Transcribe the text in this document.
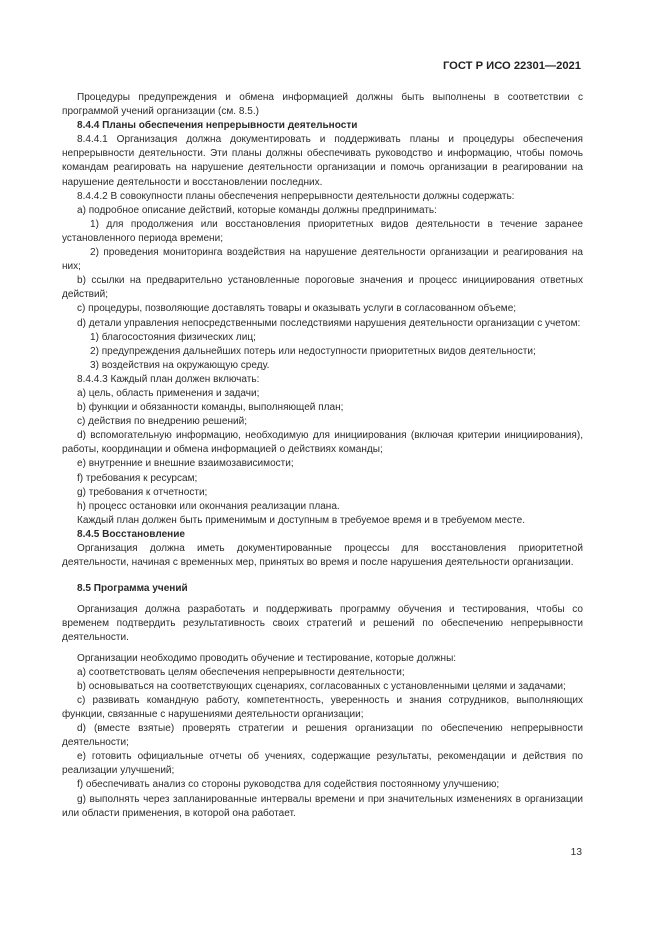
ГОСТ Р ИСО 22301—2021

Процедуры предупреждения и обмена информацией должны быть выполнены в соответствии с программой учений организации (см. 8.5.)

8.4.4 Планы обеспечения непрерывности деятельности

8.4.4.1 Организация должна документировать и поддерживать планы и процедуры обеспечения непрерывности деятельности. Эти планы должны обеспечивать руководство и информацию, чтобы помочь командам реагировать на нарушение деятельности организации и помочь организации в реагировании на нарушение деятельности и восстановлении последних.

8.4.4.2 В совокупности планы обеспечения непрерывности деятельности должны содержать:

a) подробное описание действий, которые команды должны предпринимать:

1) для продолжения или восстановления приоритетных видов деятельности в течение заранее установленного периода времени;

2) проведения мониторинга воздействия на нарушение деятельности организации и реагирования на них;

b) ссылки на предварительно установленные пороговые значения и процесс инициирования ответных действий;

c) процедуры, позволяющие доставлять товары и оказывать услуги в согласованном объеме;

d) детали управления непосредственными последствиями нарушения деятельности организации с учетом:

1) благосостояния физических лиц;

2) предупреждения дальнейших потерь или недоступности приоритетных видов деятельности;

3) воздействия на окружающую среду.

8.4.4.3 Каждый план должен включать:

a) цель, область применения и задачи;

b) функции и обязанности команды, выполняющей план;

c) действия по внедрению решений;

d) вспомогательную информацию, необходимую для инициирования (включая критерии инициирования), работы, координации и обмена информацией о действиях команды;

e) внутренние и внешние взаимозависимости;

f) требования к ресурсам;

g) требования к отчетности;

h) процесс остановки или окончания реализации плана.

Каждый план должен быть применимым и доступным в требуемое время и в требуемом месте.

8.4.5 Восстановление

Организация должна иметь документированные процессы для восстановления приоритетной деятельности, начиная с временных мер, принятых во время и после нарушения деятельности организации.

8.5 Программа учений

Организация должна разработать и поддерживать программу обучения и тестирования, чтобы со временем подтвердить результативность своих стратегий и решений по обеспечению непрерывности деятельности.

Организации необходимо проводить обучение и тестирование, которые должны:

a) соответствовать целям обеспечения непрерывности деятельности;

b) основываться на соответствующих сценариях, согласованных с установленными целями и задачами;

c) развивать командную работу, компетентность, уверенность и знания сотрудников, выполняющих функции, связанные с нарушениями деятельности организации;

d) (вместе взятые) проверять стратегии и решения организации по обеспечению непрерывности деятельности;

e) готовить официальные отчеты об учениях, содержащие результаты, рекомендации и действия по реализации улучшений;

f) обеспечивать анализ со стороны руководства для содействия постоянному улучшению;

g) выполнять через запланированные интервалы времени и при значительных изменениях в организации или области применения, в которой она работает.

13
